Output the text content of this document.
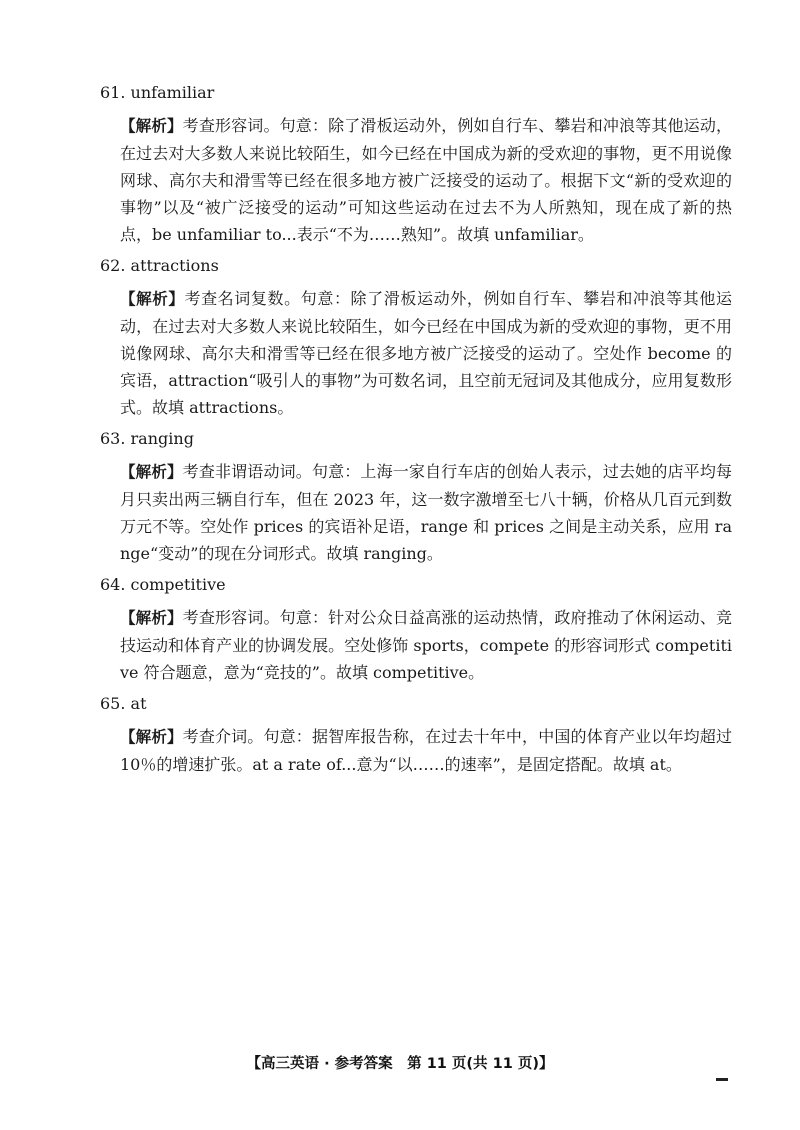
61. unfamiliar
【解析】考查形容词。句意：除了滑板运动外，例如自行车、攀岩和冲浪等其他运动，在过去对大多数人来说比较陌生，如今已经在中国成为新的受欢迎的事物，更不用说像网球、高尔夫和滑雪等已经在很多地方被广泛接受的运动了。根据下文“新的受欢迎的事物”以及“被广泛接受的运动”可知这些运动在过去不为人所熟知，现在成了新的热点，be unfamiliar to...表示“不为……熟知”。故填 unfamiliar。
62. attractions
【解析】考查名词复数。句意：除了滑板运动外，例如自行车、攀岩和冲浪等其他运动，在过去对大多数人来说比较陌生，如今已经在中国成为新的受欢迎的事物，更不用说像网球、高尔夫和滑雪等已经在很多地方被广泛接受的运动了。空处作 become 的宾语，attraction“吸引人的事物”为可数名词，且空前无冠词及其他成分，应用复数形式。故填 attractions。
63. ranging
【解析】考查非谓语动词。句意：上海一家自行车店的创始人表示，过去她的店平均每月只卖出两三辆自行车，但在 2023 年，这一数字激增至七八十辆，价格从几百元到数万元不等。空处作 prices 的宾语补足语，range 和 prices 之间是主动关系，应用 range“变动”的现在分词形式。故填 ranging。
64. competitive
【解析】考查形容词。句意：针对公众日益高涨的运动热情，政府推动了休闲运动、竞技运动和体育产业的协调发展。空处修饰 sports，compete 的形容词形式 competitive 符合题意，意为“竞技的”。故填 competitive。
65. at
【解析】考查介词。句意：据智库报告称，在过去十年中，中国的体育产业以年均超过 10％的增速扩张。at a rate of...意为“以……的速率”，是固定搭配。故填 at。
【高三英语 · 参考答案　第 11 页(共 11 页)】
